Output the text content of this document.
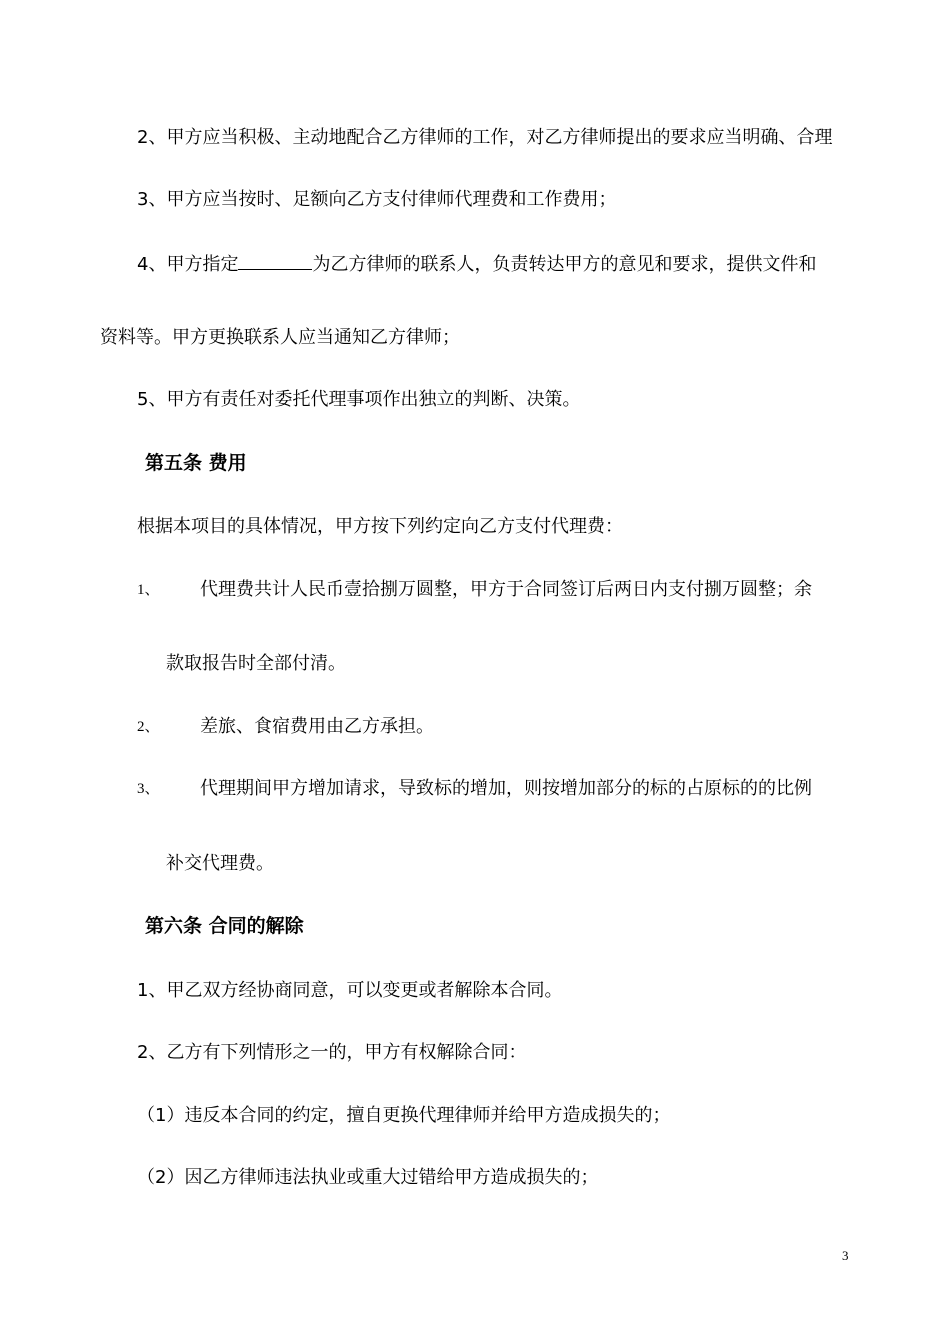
2、甲方应当积极、主动地配合乙方律师的工作，对乙方律师提出的要求应当明确、合理
3、甲方应当按时、足额向乙方支付律师代理费和工作费用；
4、甲方指定	为乙方律师的联系人，负责转达甲方的意见和要求，提供文件和
资料等。甲方更换联系人应当通知乙方律师；
5、甲方有责任对委托代理事项作出独立的判断、决策。
第五条 费用
根据本项目的具体情况，甲方按下列约定向乙方支付代理费：
1、 代理费共计人民币壹拾捌万圆整，甲方于合同签订后两日内支付捌万圆整；余
款取报告时全部付清。
2、 差旅、食宿费用由乙方承担。
3、 代理期间甲方增加请求，导致标的增加，则按增加部分的标的占原标的的比例
补交代理费。
第六条 合同的解除
1、甲乙双方经协商同意，可以变更或者解除本合同。
2、乙方有下列情形之一的，甲方有权解除合同：
（1）违反本合同的约定，擅自更换代理律师并给甲方造成损失的；
（2）因乙方律师违法执业或重大过错给甲方造成损失的；
3
